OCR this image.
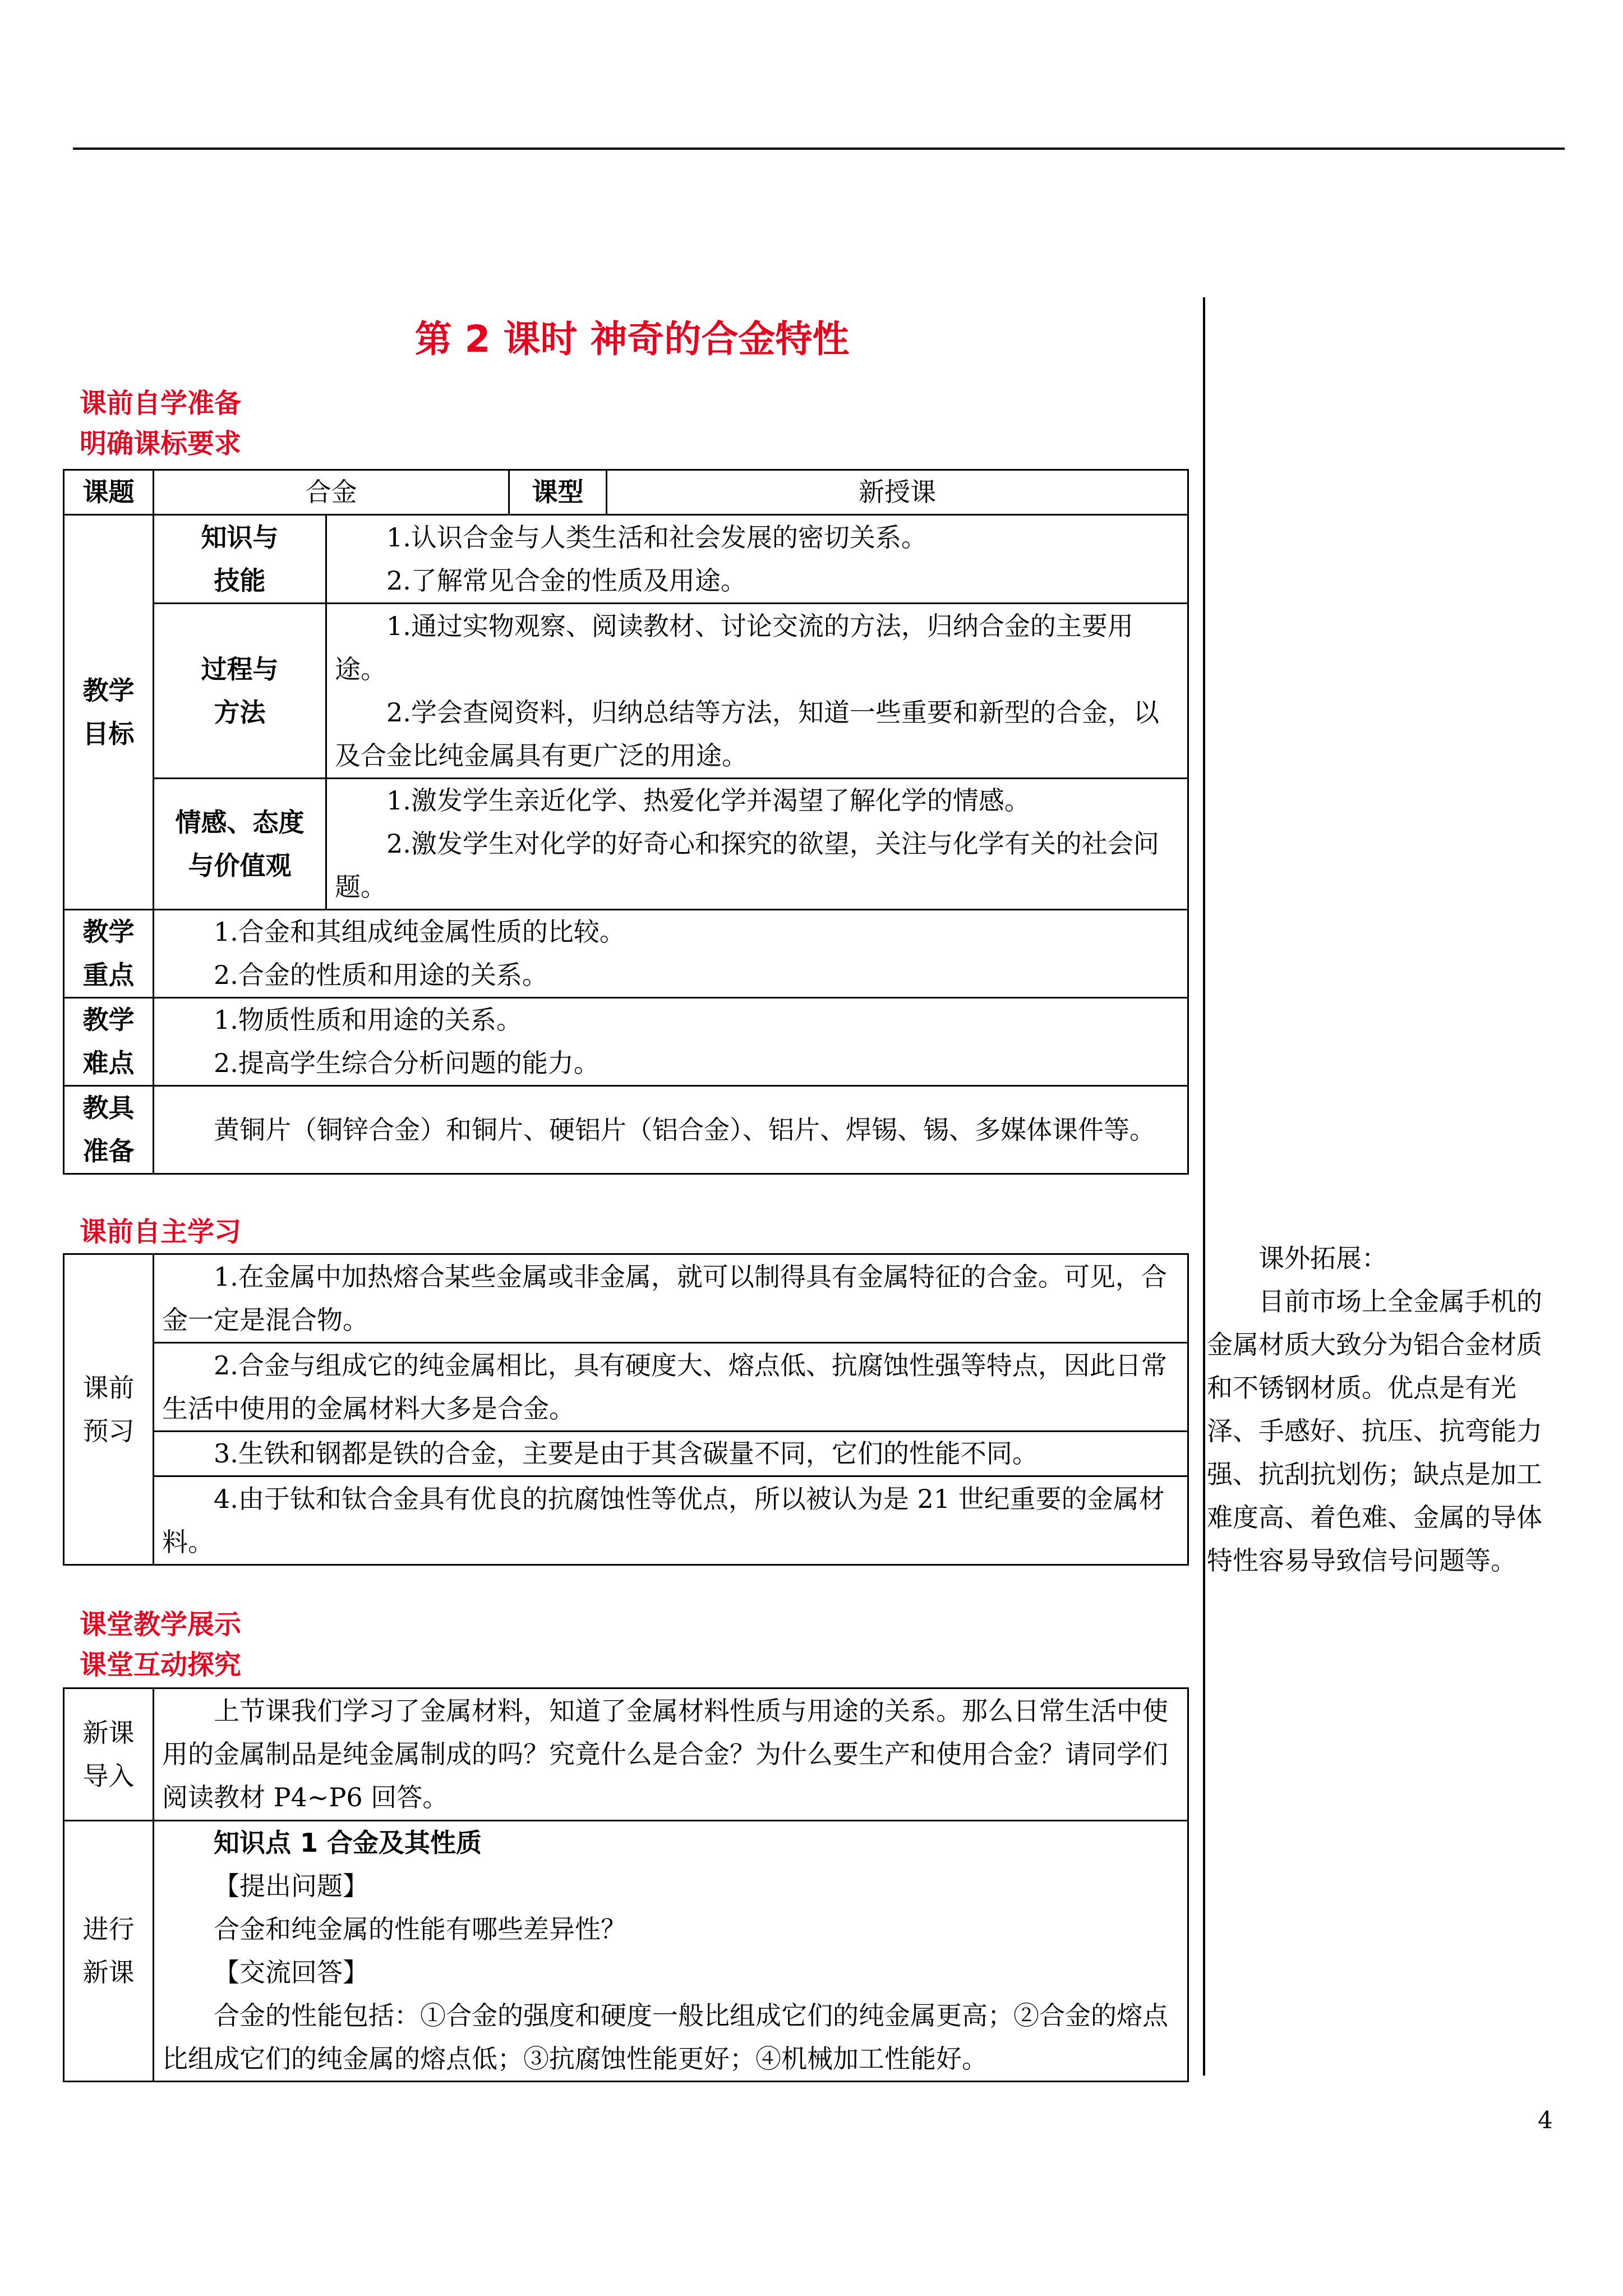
第 2 课时 神奇的合金特性
课前自学准备
明确课标要求
课题	合金		课型	新授课
教学目标	知识与技能	1.认识合金与人类生活和社会发展的密切关系。
2.了解常见合金的性质及用途。		

	过程与方法	1.通过实物观察、阅读教材、讨论交流的方法，归纳合金的主要用途。
2.学会查阅资料，归纳总结等方法，知道一些重要和新型的合金，以及合金比纯金属具有更广泛的用途。		

	情感、态度与价值观	1.激发学生亲近化学、热爱化学并渴望了解化学的情感。
2.激发学生对化学的好奇心和探究的欲望，关注与化学有关的社会问题。		

教学重点	1.合金和其组成纯金属性质的比较。
2.合金的性质和用途的关系。			

教学难点	1.物质性质和用途的关系。
2.提高学生综合分析问题的能力。			

教具准备	黄铜片（铜锌合金）和铜片、硬铝片（铝合金）、铝片、焊锡、锡、多媒体课件等。			
课前自主学习
课前预习	
1.在金属中加热熔合某些金属或非金属，就可以制得具有金属特征的合金。可见，合金一定是混合物。

2.合金与组成它的纯金属相比，具有硬度大、熔点低、抗腐蚀性强等特点，因此日常生活中使用的金属材料大多是合金。

3.生铁和钢都是铁的合金，主要是由于其含碳量不同，它们的性能不同。

4.由于钛和钛合金具有优良的抗腐蚀性等优点，所以被认为是 21 世纪重要的金属材料。
课堂教学展示
课堂互动探究
新课导入	上节课我们学习了金属材料，知道了金属材料性质与用途的关系。那么日常生活中使用的金属制品是纯金属制成的吗？究竟什么是合金？为什么要生产和使用合金？请同学们阅读教材 P4~P6 回答。

进行新课	知识点 1 合金及其性质
【提出问题】
合金和纯金属的性能有哪些差异性？
【交流回答】
合金的性能包括：①合金的强度和硬度一般比组成它们的纯金属更高；②合金的熔点比组成它们的纯金属的熔点低；③抗腐蚀性能更好；④机械加工性能好。

课外拓展：

目前市场上全金属手机的金属材质大致分为铝合金材质和不锈钢材质。优点是有光泽、手感好、抗压、抗弯能力强、抗刮抗划伤；缺点是加工难度高、着色难、金属的导体特性容易导致信号问题等。

4
